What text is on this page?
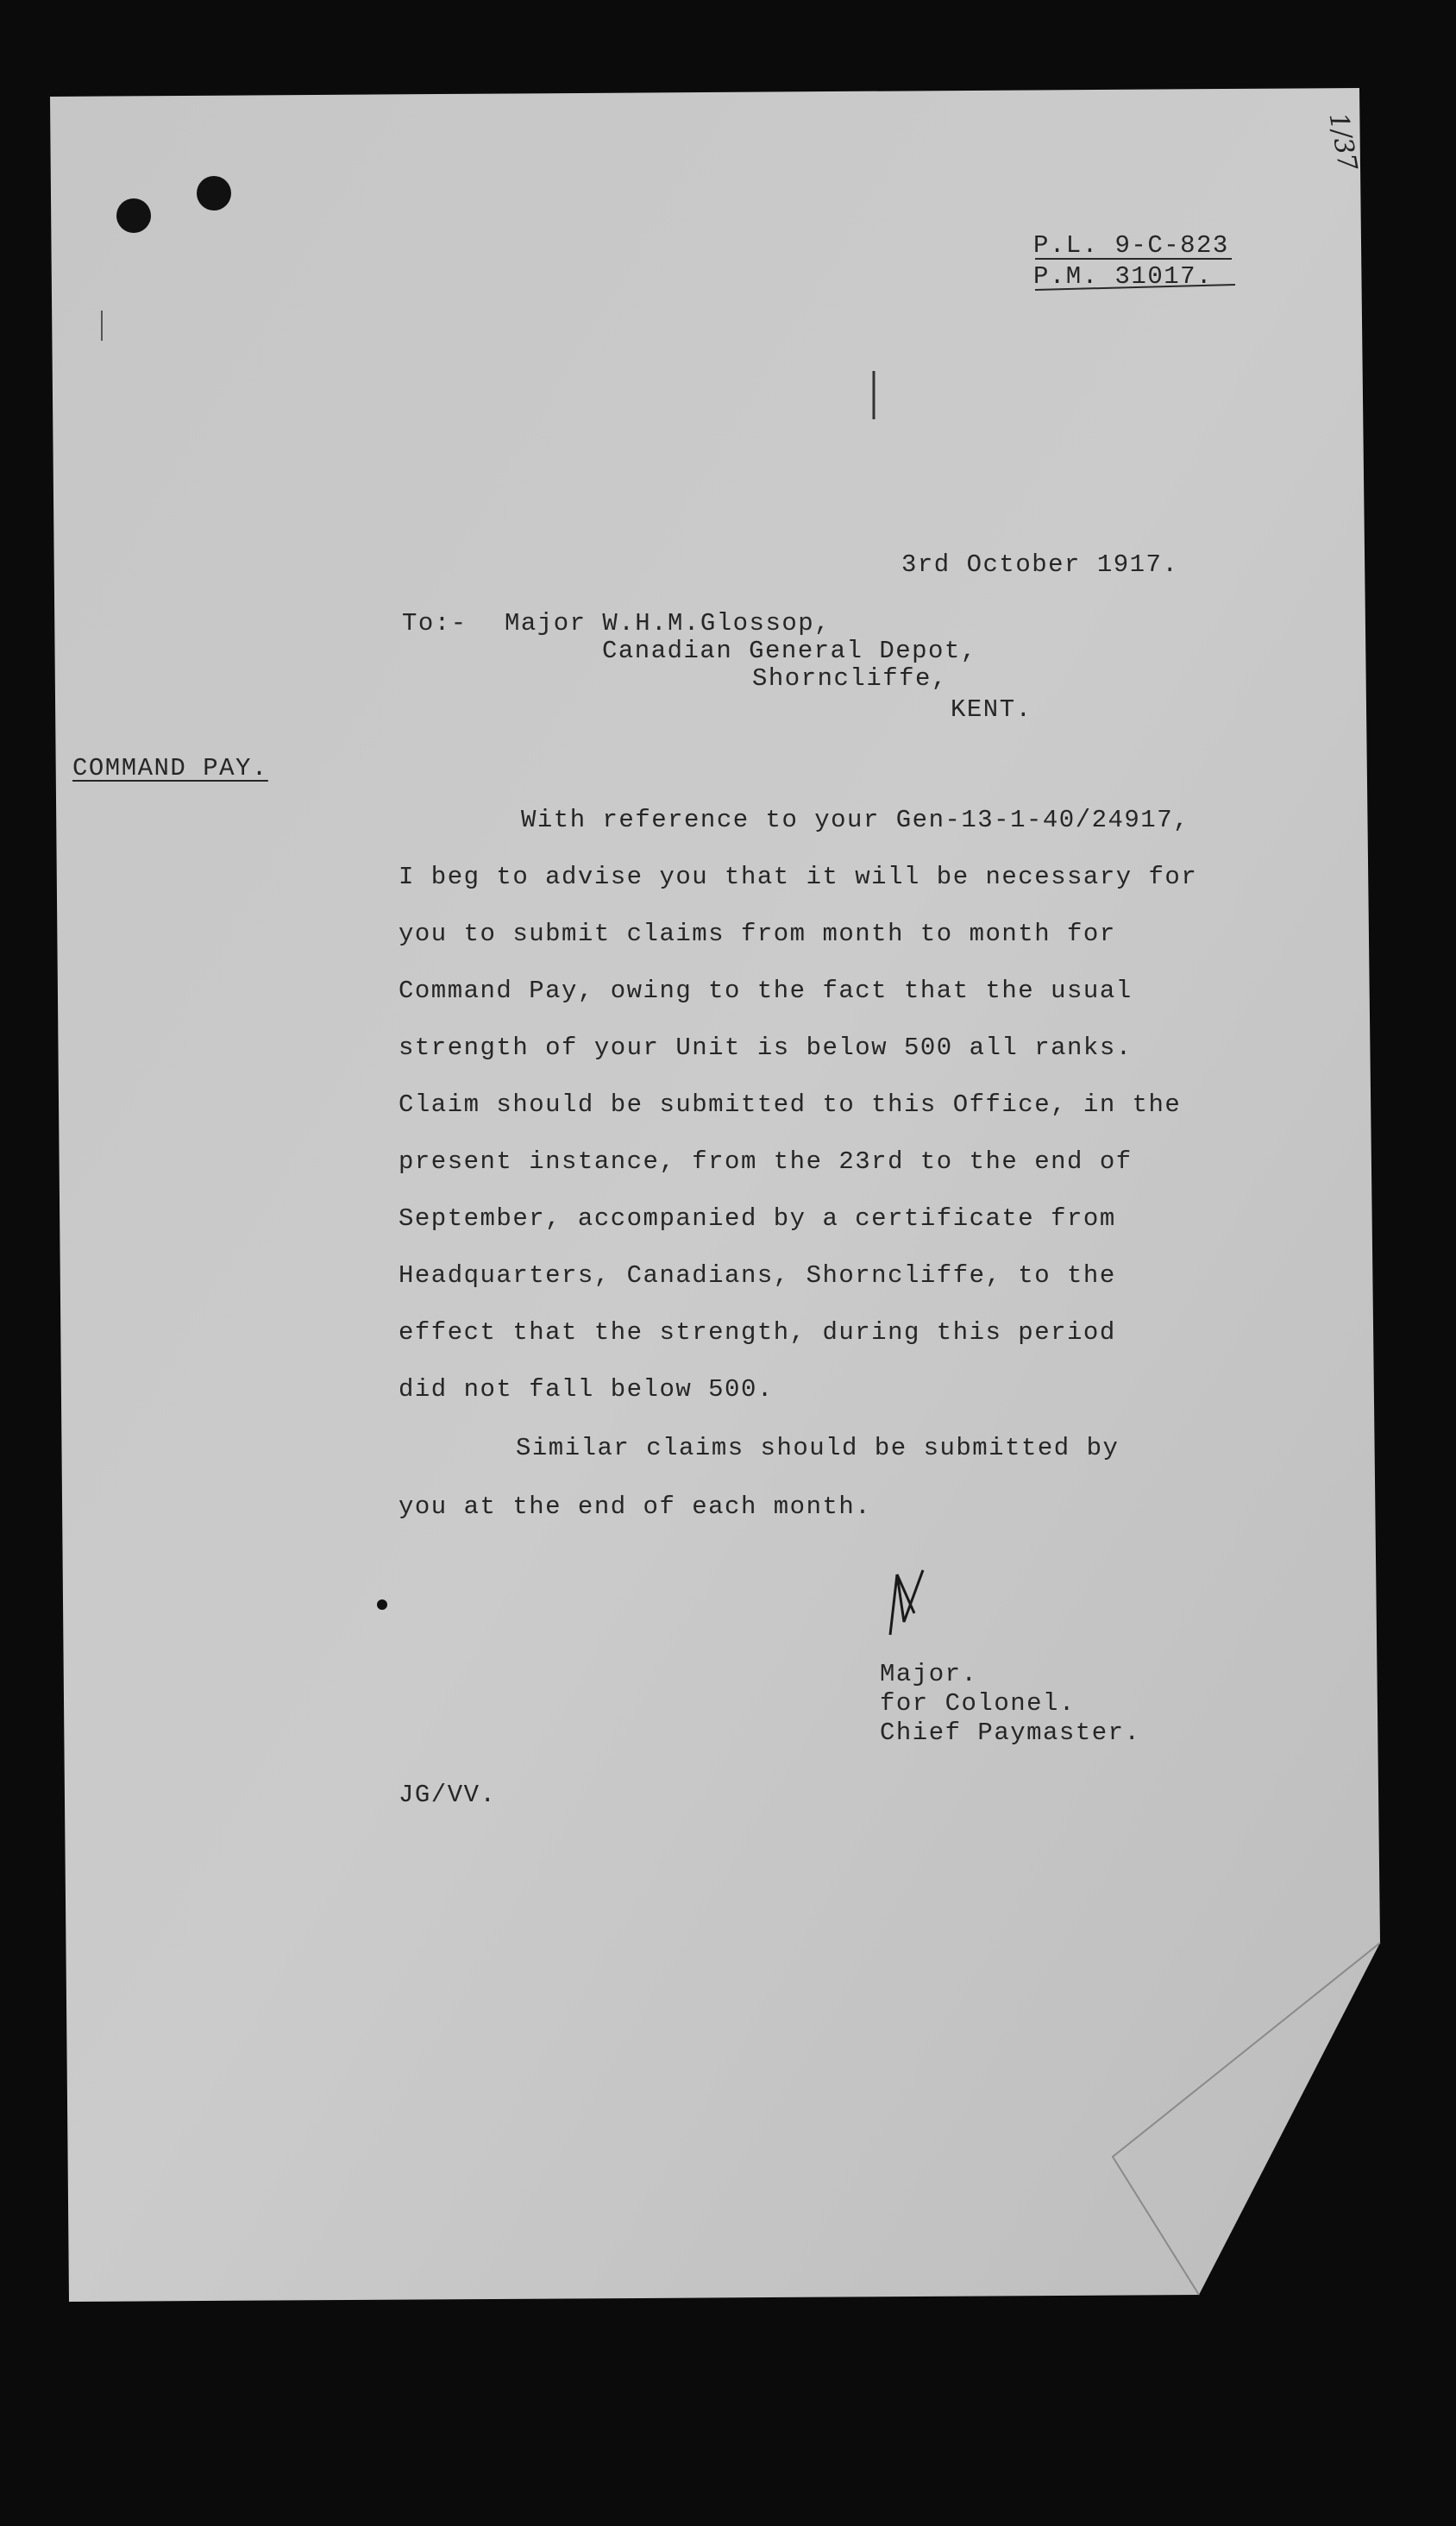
1/37
P.L. 9-C-823
P.M. 31017.
3rd October 1917.
To:- Major W.H.M.Glossop,
Canadian General Depot,
Shorncliffe,
KENT.
COMMAND PAY.
With reference to your Gen-13-1-40/24917,
I beg to advise you that it will be necessary for
you to submit claims from month to month for
Command Pay, owing to the fact that the usual
strength of your Unit is below 500 all ranks.
Claim should be submitted to this Office, in the
present instance, from the 23rd to the end of
September, accompanied by a certificate from
Headquarters, Canadians, Shorncliffe, to the
effect that the strength, during this period
did not fall below 500.
Similar claims should be submitted by
you at the end of each month.
Major.
for Colonel.
Chief Paymaster.
JG/VV.
